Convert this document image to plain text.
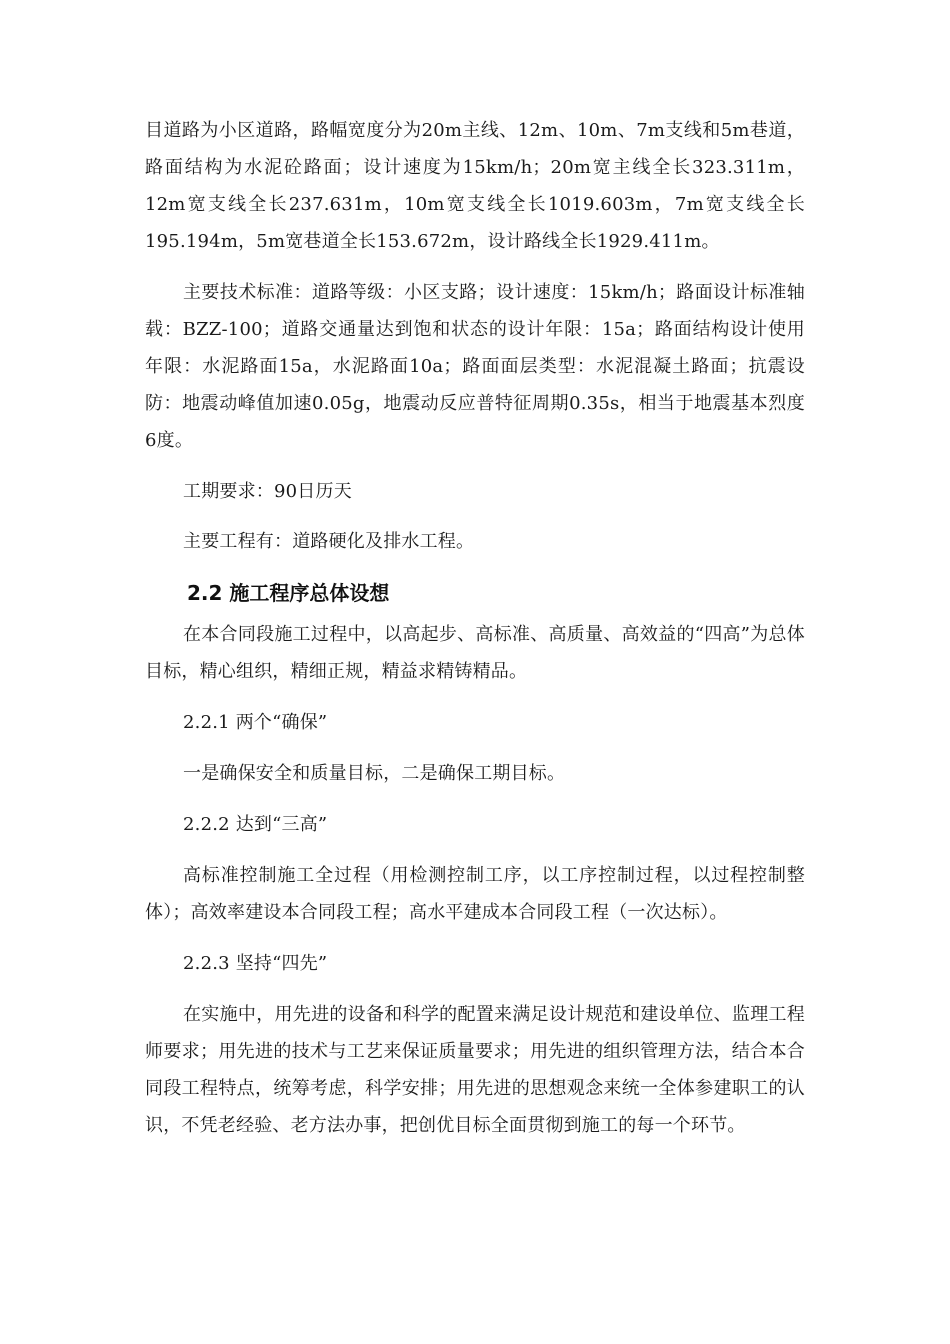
目道路为小区道路，路幅宽度分为20m主线、12m、10m、7m支线和5m巷道，路面结构为水泥砼路面；设计速度为15km/h；20m宽主线全长323.311m，12m宽支线全长237.631m，10m宽支线全长1019.603m，7m宽支线全长195.194m，5m宽巷道全长153.672m，设计路线全长1929.411m。

主要技术标准：道路等级：小区支路；设计速度：15km/h；路面设计标准轴载：BZZ-100；道路交通量达到饱和状态的设计年限：15a；路面结构设计使用年限：水泥路面15a，水泥路面10a；路面面层类型：水泥混凝土路面；抗震设防：地震动峰值加速0.05g，地震动反应普特征周期0.35s，相当于地震基本烈度6度。

工期要求：90日历天

主要工程有：道路硬化及排水工程。

2.2 施工程序总体设想

在本合同段施工过程中，以高起步、高标准、高质量、高效益的“四高”为总体目标，精心组织，精细正规，精益求精铸精品。

2.2.1 两个“确保”

一是确保安全和质量目标，二是确保工期目标。

2.2.2 达到“三高”

高标准控制施工全过程（用检测控制工序，以工序控制过程，以过程控制整体）；高效率建设本合同段工程；高水平建成本合同段工程（一次达标）。

2.2.3 坚持“四先”

在实施中，用先进的设备和科学的配置来满足设计规范和建设单位、监理工程师要求；用先进的技术与工艺来保证质量要求；用先进的组织管理方法，结合本合同段工程特点，统筹考虑，科学安排；用先进的思想观念来统一全体参建职工的认识，不凭老经验、老方法办事，把创优目标全面贯彻到施工的每一个环节。
